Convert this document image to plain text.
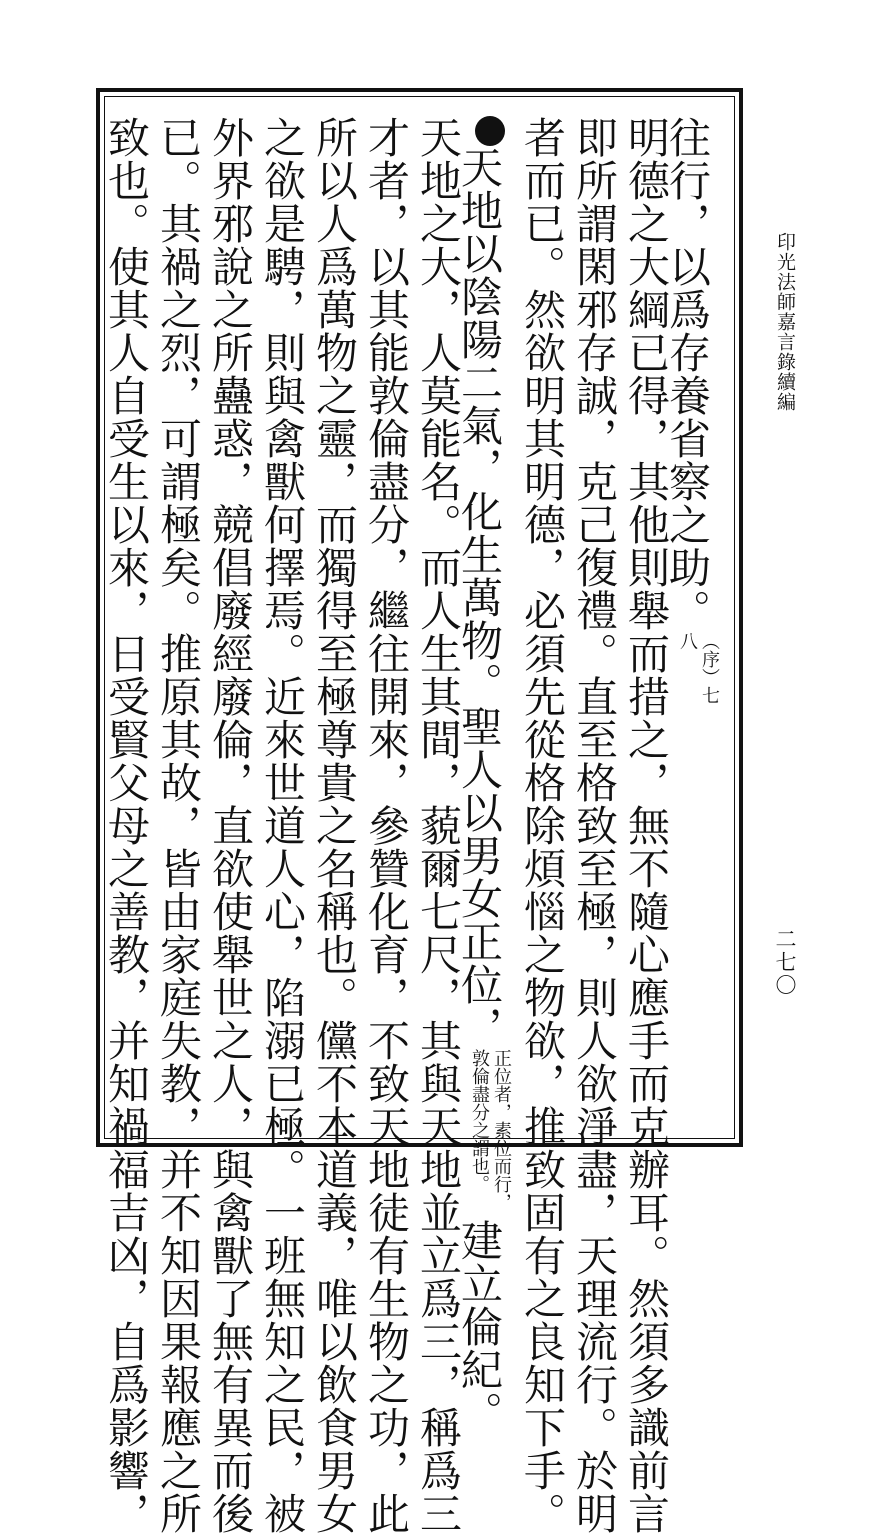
印光法師嘉言錄續編
二七〇
往行，以爲存養省察之助。（序）七八
明德之大綱已得，其他則舉而措之，無不隨心應手而克辦耳。然須多識前言
即所謂閑邪存誠，克己復禮。直至格致至極，則人欲淨盡，天理流行。於明
者而已。然欲明其明德，必須先從格除煩惱之物欲，推致固有之良知下手。
天地以陰陽二氣，化生萬物。聖人以男女正位，正位者，素位而行，敦倫盡分之謂也。建立倫紀。
天地之大，人莫能名。而人生其間，藐爾七尺，其與天地並立爲三，稱爲三
才者，以其能敦倫盡分，繼往開來，參贊化育，不致天地徒有生物之功，此
所以人爲萬物之靈，而獨得至極尊貴之名稱也。儻不本道義，唯以飲食男女
之欲是騁，則與禽獸何擇焉。近來世道人心，陷溺已極。一班無知之民，被
外界邪說之所蠱惑，競倡廢經廢倫，直欲使舉世之人，與禽獸了無有異而後
已。其禍之烈，可謂極矣。推原其故，皆由家庭失教，并不知因果報應之所
致也。使其人自受生以來，日受賢父母之善教，并知禍福吉凶，自爲影響，
